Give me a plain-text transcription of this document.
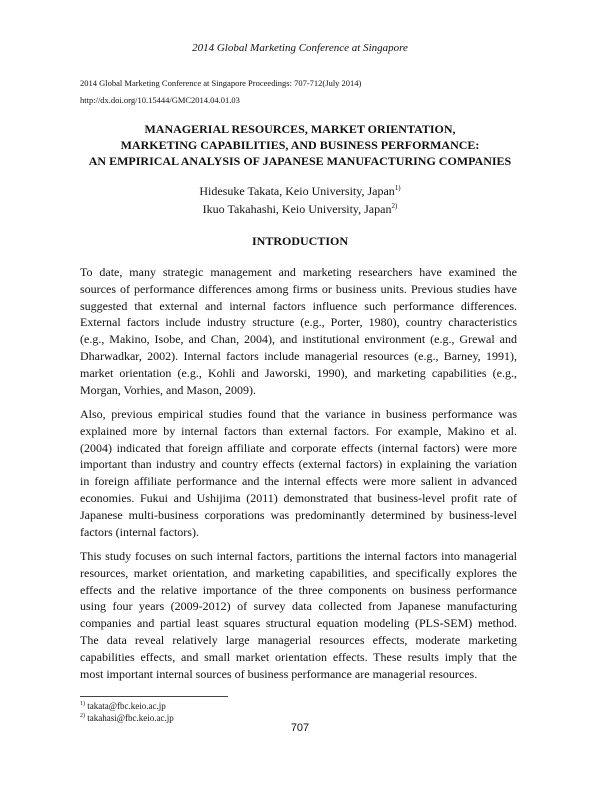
2014 Global Marketing Conference at Singapore
2014 Global Marketing Conference at Singapore Proceedings: 707-712(July 2014)
http://dx.doi.org/10.15444/GMC2014.04.01.03
MANAGERIAL RESOURCES, MARKET ORIENTATION,
MARKETING CAPABILITIES, AND BUSINESS PERFORMANCE:
AN EMPIRICAL ANALYSIS OF JAPANESE MANUFACTURING COMPANIES
Hidesuke Takata, Keio University, Japan$^{1)}$
Ikuo Takahashi, Keio University, Japan$^{2)}$
INTRODUCTION
To date, many strategic management and marketing researchers have examined the
sources of performance differences among firms or business units. Previous studies have
suggested that external and internal factors influence such performance differences.
External factors include industry structure (e.g., Porter, 1980), country characteristics
(e.g., Makino, Isobe, and Chan, 2004), and institutional environment (e.g., Grewal and
Dharwadkar, 2002). Internal factors include managerial resources (e.g., Barney, 1991),
market orientation (e.g., Kohli and Jaworski, 1990), and marketing capabilities (e.g.,
Morgan, Vorhies, and Mason, 2009).
Also, previous empirical studies found that the variance in business performance was
explained more by internal factors than external factors. For example, Makino et al.
(2004) indicated that foreign affiliate and corporate effects (internal factors) were more
important than industry and country effects (external factors) in explaining the variation
in foreign affiliate performance and the internal effects were more salient in advanced
economies. Fukui and Ushijima (2011) demonstrated that business-level profit rate of
Japanese multi-business corporations was predominantly determined by business-level
factors (internal factors).
This study focuses on such internal factors, partitions the internal factors into managerial
resources, market orientation, and marketing capabilities, and specifically explores the
effects and the relative importance of the three components on business performance
using four years (2009-2012) of survey data collected from Japanese manufacturing
companies and partial least squares structural equation modeling (PLS-SEM) method.
The data reveal relatively large managerial resources effects, moderate marketing
capabilities effects, and small market orientation effects. These results imply that the
most important internal sources of business performance are managerial resources.
$^{1)}$ takata@fbc.keio.ac.jp
$^{2)}$ takahasi@fbc.keio.ac.jp
707
